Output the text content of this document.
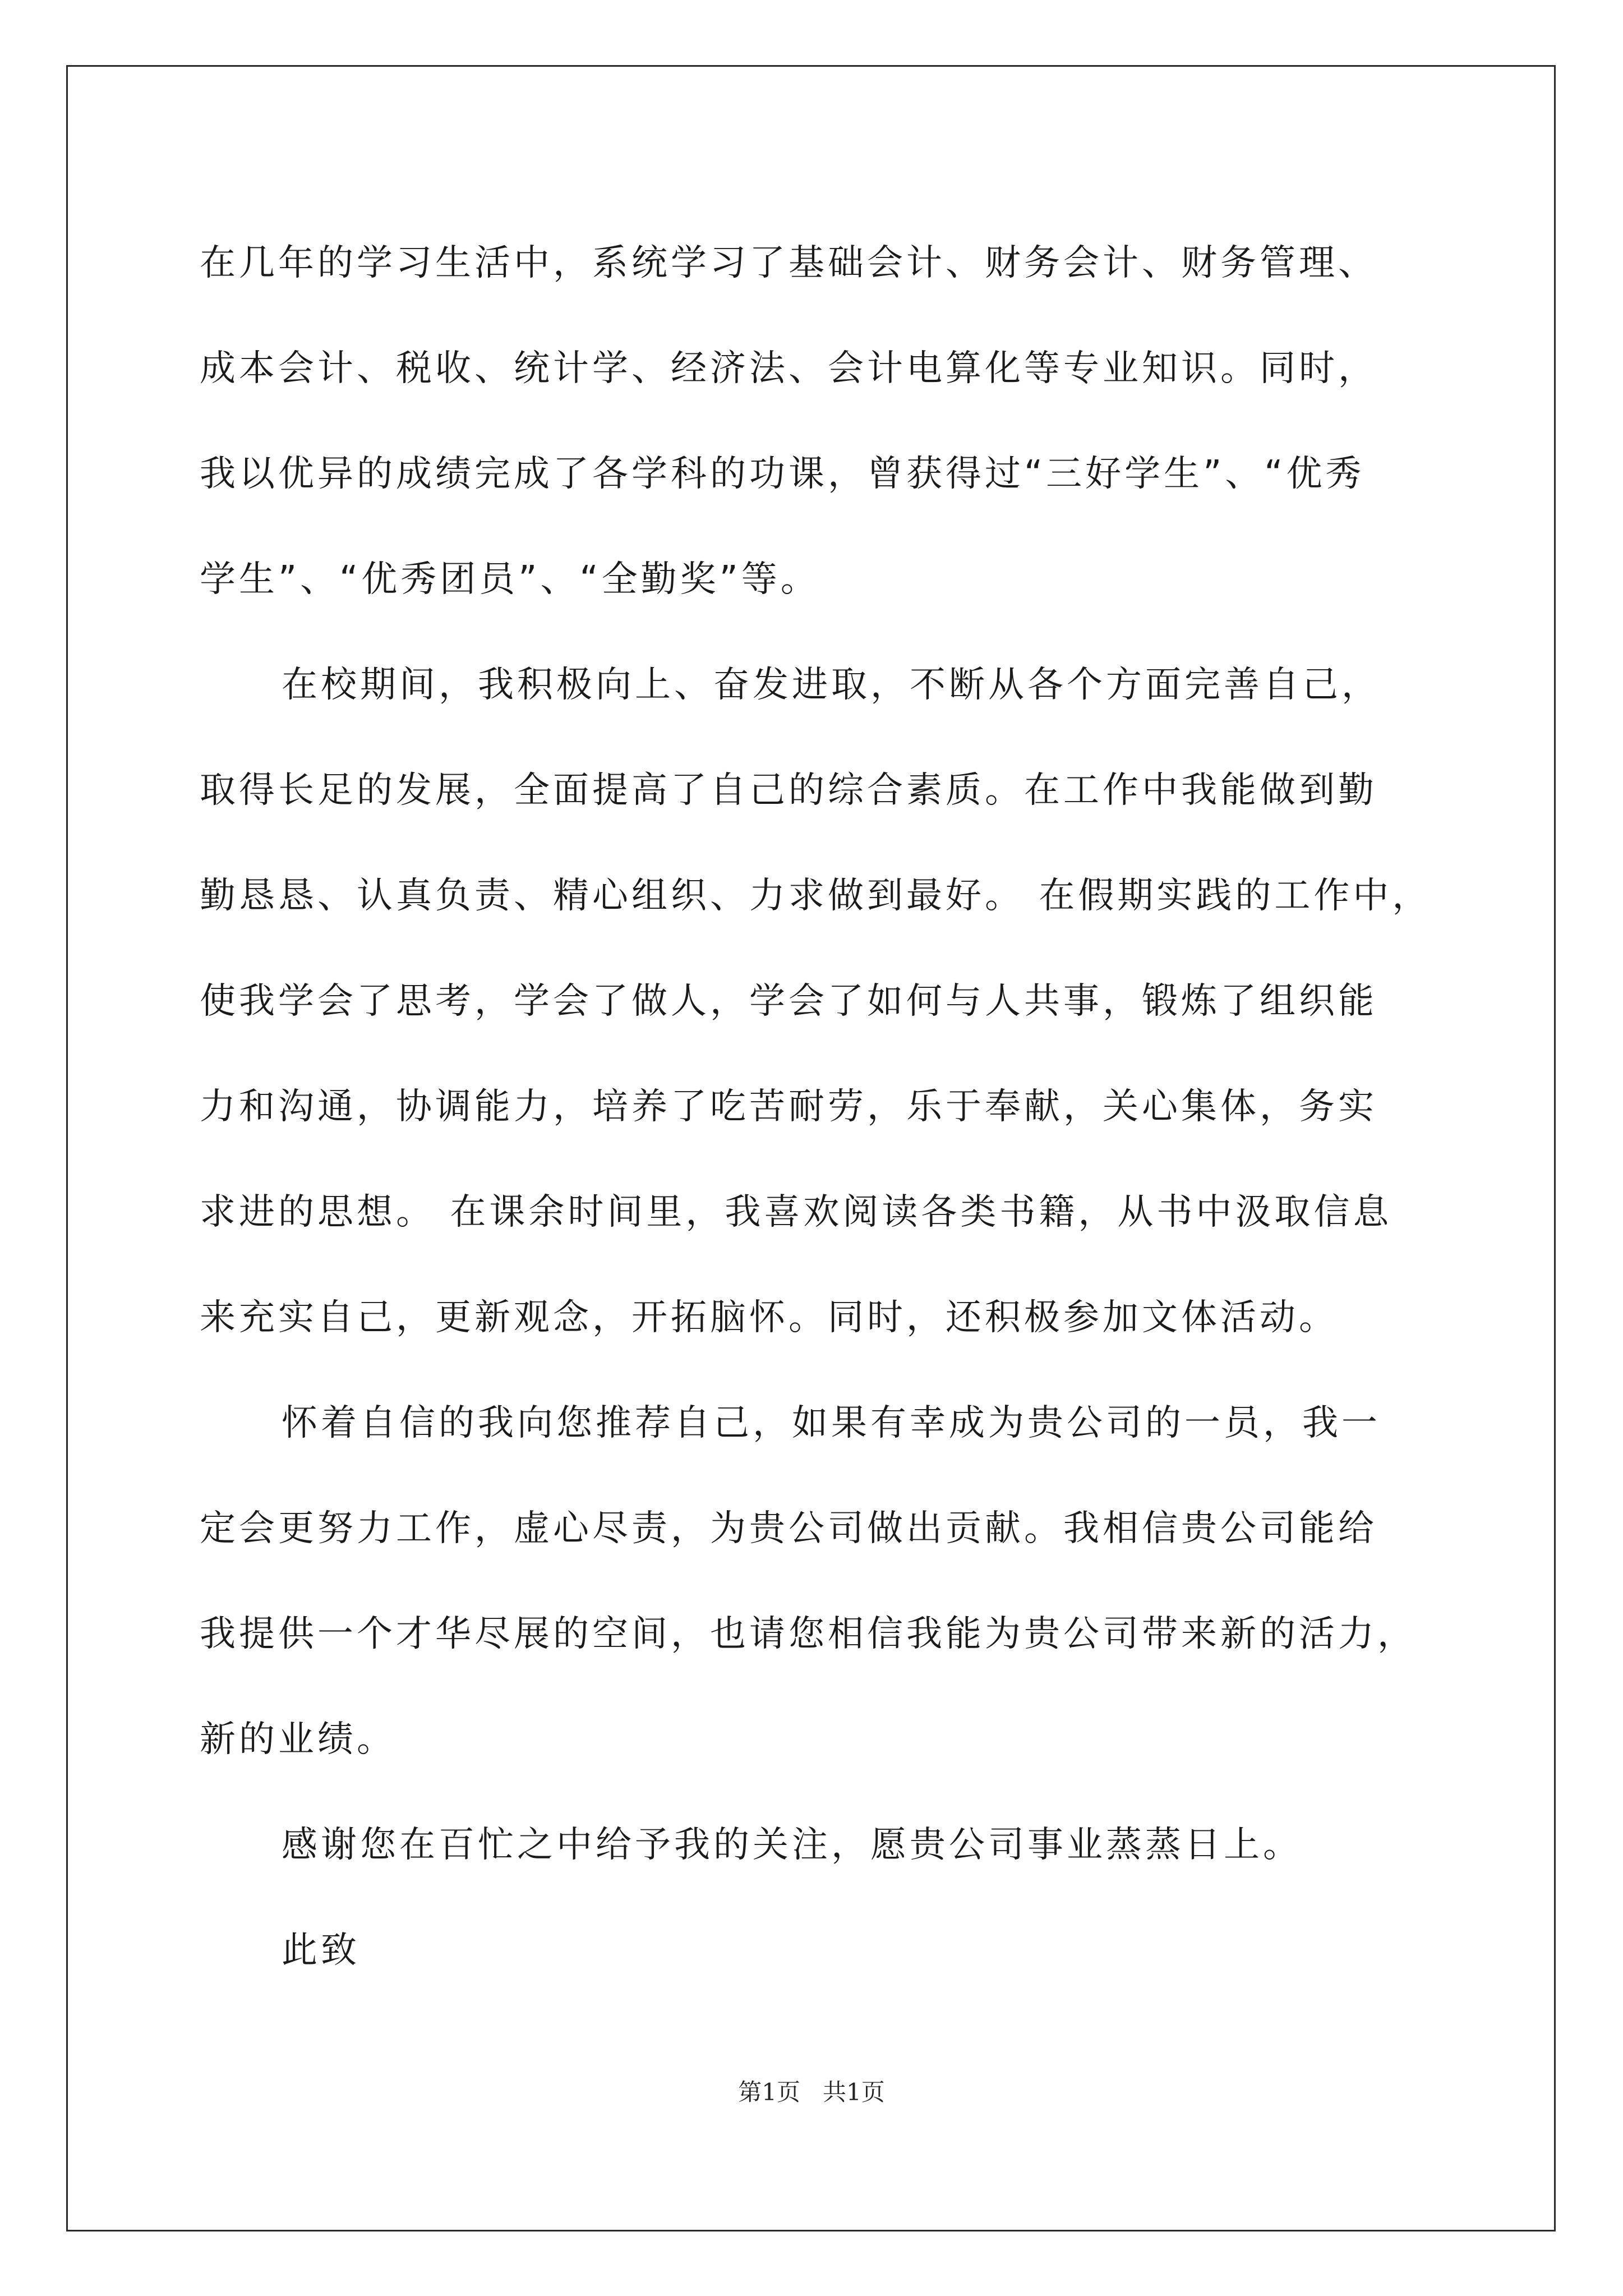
在几年的学习生活中，系统学习了基础会计、财务会计、财务管理、
成本会计、税收、统计学、经济法、会计电算化等专业知识。同时，
我以优异的成绩完成了各学科的功课，曾获得过“三好学生”、“优秀
学生”、“优秀团员”、“全勤奖”等。
在校期间，我积极向上、奋发进取，不断从各个方面完善自己，
取得长足的发展，全面提高了自己的综合素质。在工作中我能做到勤
勤恳恳、认真负责、精心组织、力求做到最好。 在假期实践的工作中，
使我学会了思考，学会了做人，学会了如何与人共事，锻炼了组织能
力和沟通，协调能力，培养了吃苦耐劳，乐于奉献，关心集体，务实
求进的思想。 在课余时间里，我喜欢阅读各类书籍，从书中汲取信息
来充实自己，更新观念，开拓脑怀。同时，还积极参加文体活动。
怀着自信的我向您推荐自己，如果有幸成为贵公司的一员，我一
定会更努力工作，虚心尽责，为贵公司做出贡献。我相信贵公司能给
我提供一个才华尽展的空间，也请您相信我能为贵公司带来新的活力，
新的业绩。
感谢您在百忙之中给予我的关注，愿贵公司事业蒸蒸日上。
此致
第1页 共1页
